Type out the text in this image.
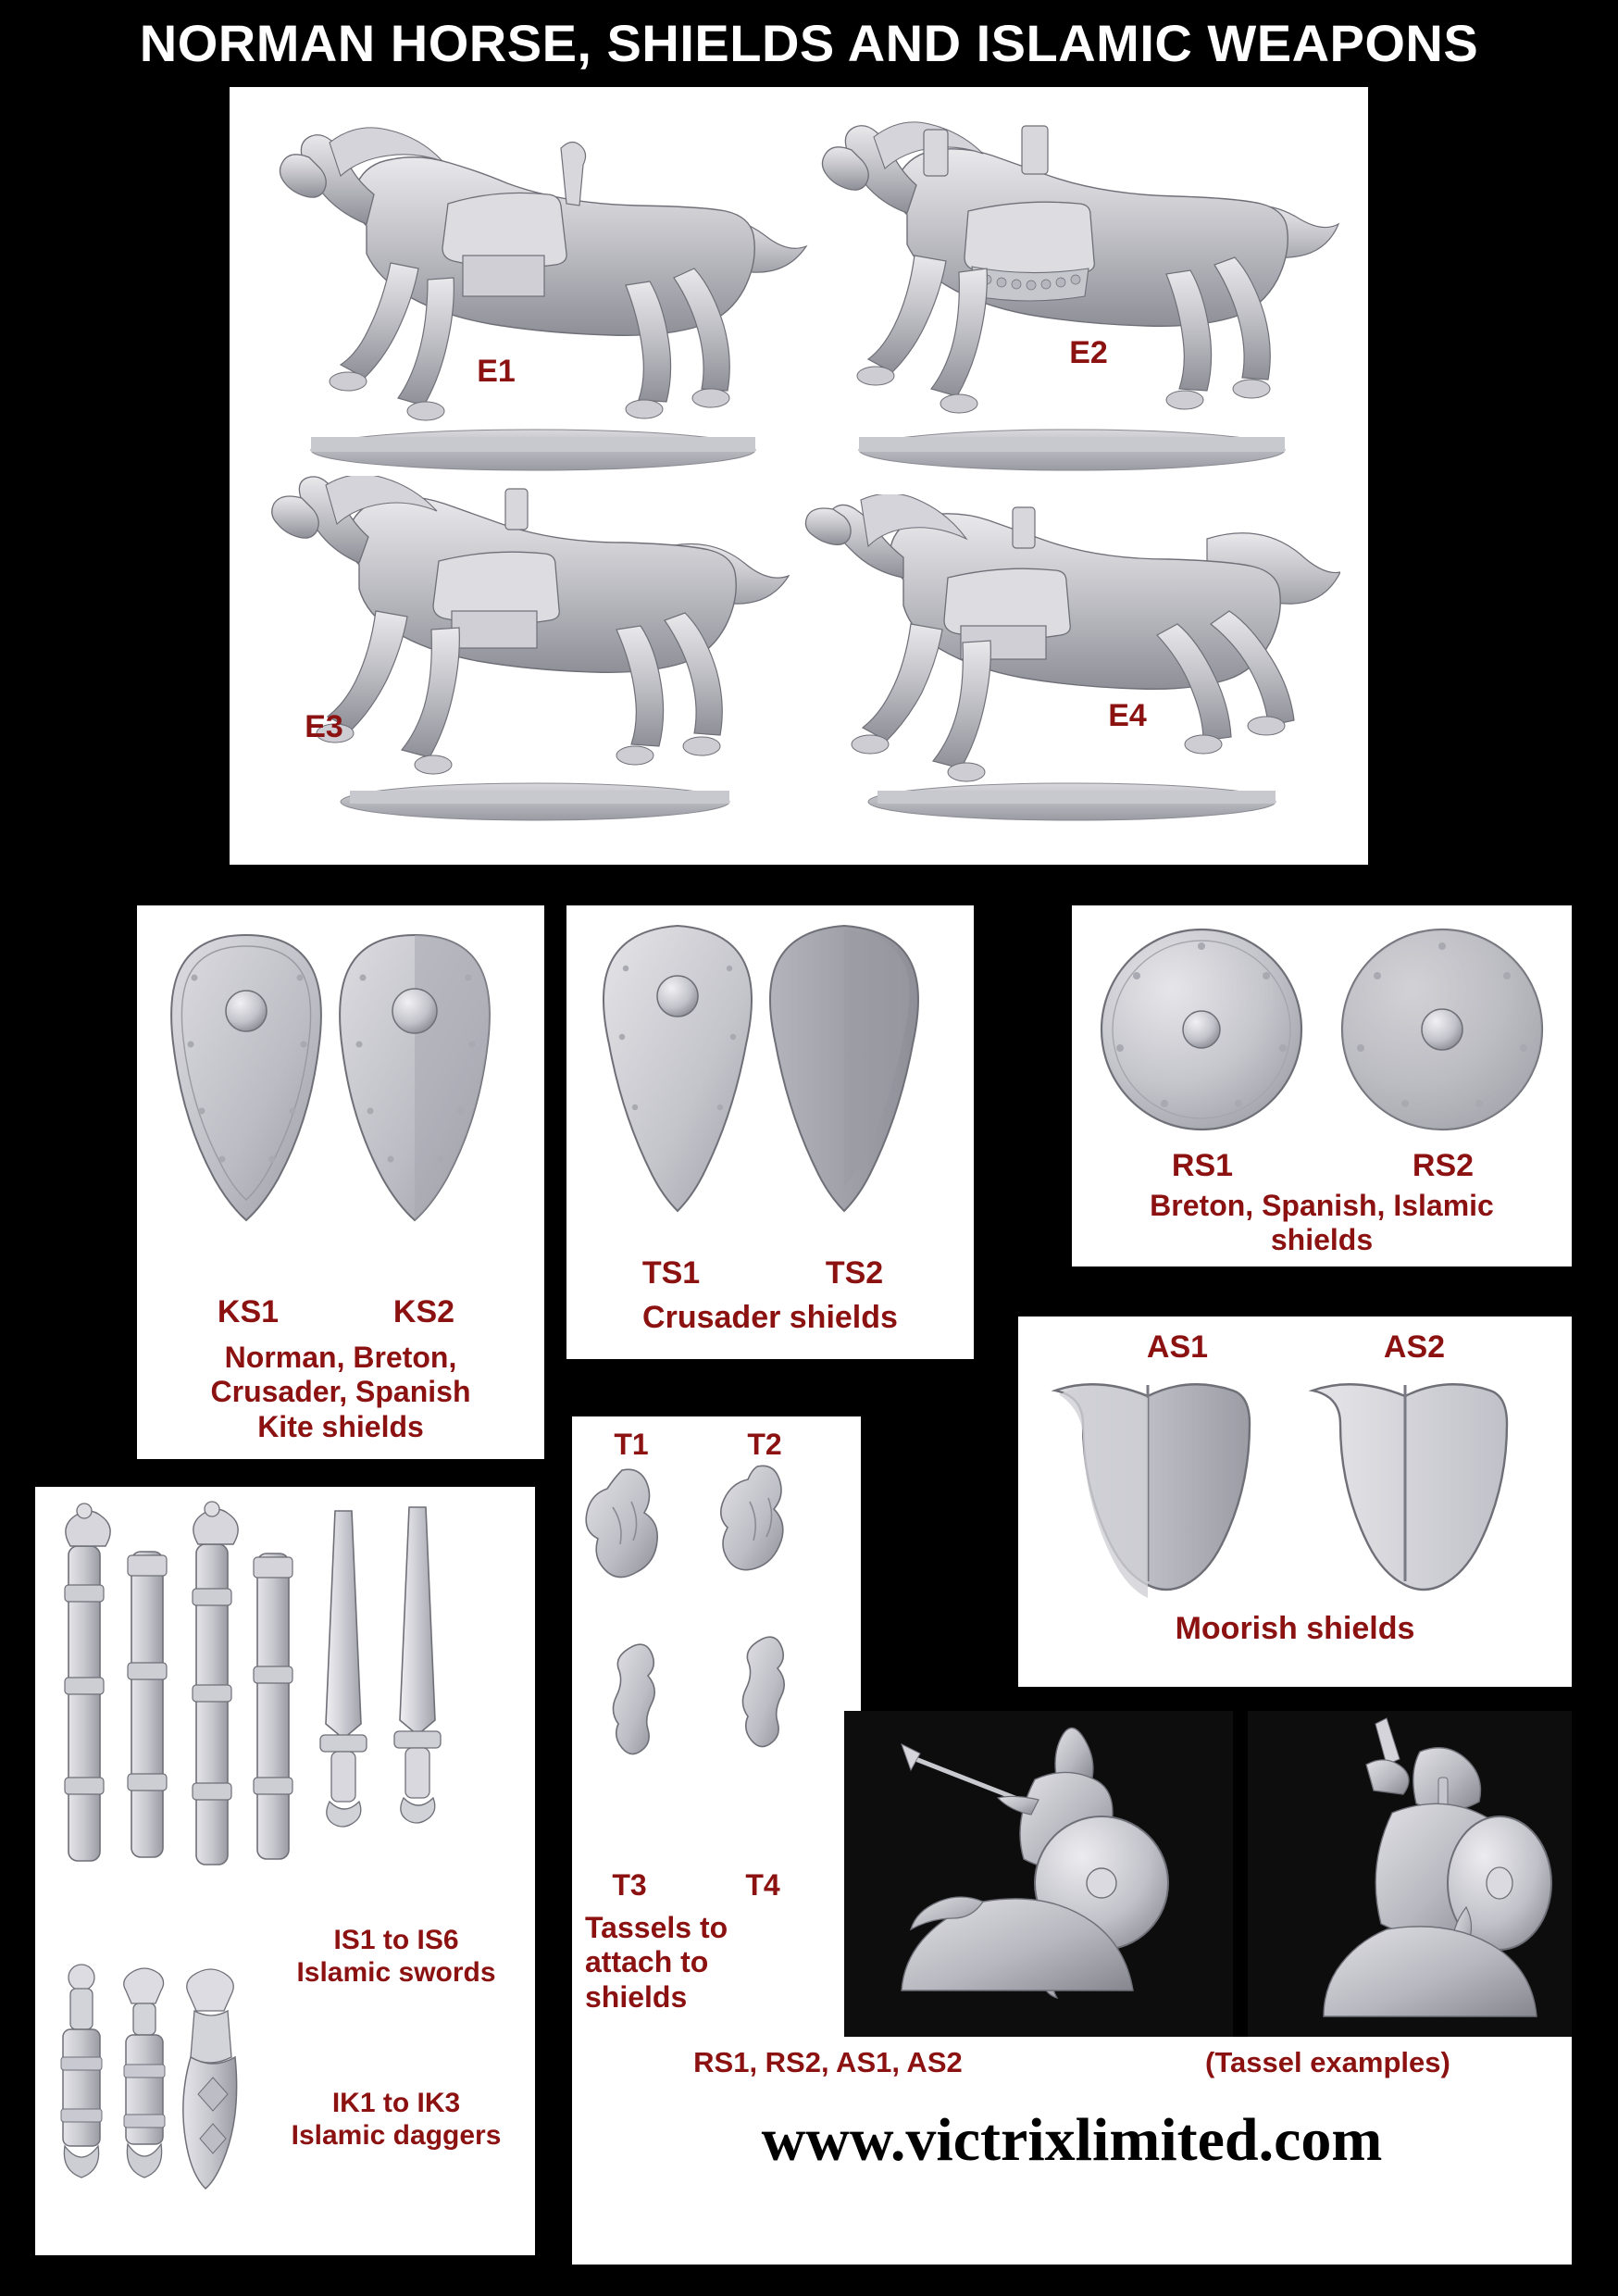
NORMAN HORSE, SHIELDS AND ISLAMIC WEAPONS
E1
E2
E3	E4
KS1	KS2
Norman, Breton,
Crusader, Spanish
Kite shields
TS1	TS2
Crusader shields
RS1	RS2
Breton, Spanish, Islamic
shields
AS1	AS2
Moorish shields
T1	T2
T3	T4
Tassels to
attach to
shields
IS1 to IS6
Islamic swords
IK1 to IK3
Islamic daggers	www.victrixlimited.com
RS1, RS2, AS1, AS2	(Tassel examples)
